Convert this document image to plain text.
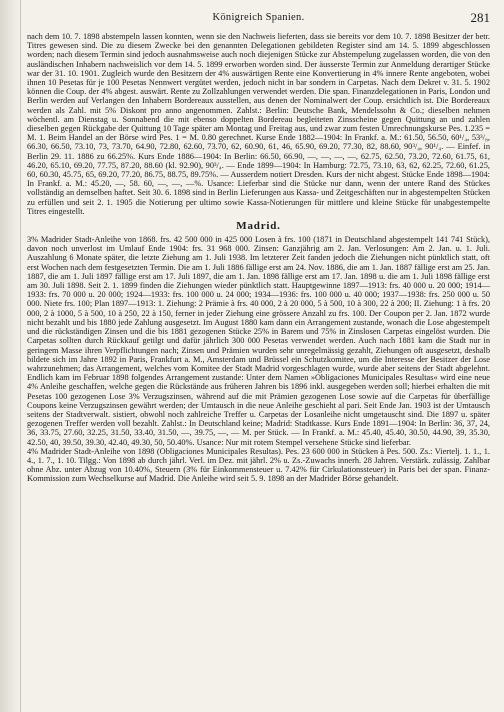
Königreich Spanien.	281

nach dem 10. 7. 1898 abstempeln lassen konnten, wenn sie den Nachweis lieferten, dass sie bereits vor dem 10. 7. 1898 Besitzer der betr. Titres gewesen sind. Die zu diesem Zwecke bei den genannten Delegationen gebildeten Register sind am 14. 5. 1899 abgeschlossen worden; nach diesem Termin sind jedoch ausnahmsweise auch noch diejenigen Stücke zur Abstempelung zugelassen worden, die von den ausländischen Inhabern nachweislich vor dem 14. 5. 1899 erworben worden sind. Der äusserste Termin zur Anmeldung derartiger Stücke war der 31. 10. 1901. Zugleich wurde den Besitzern der 4% auswärtigen Rente eine Konvertierung in 4% innere Rente angeboten, wobei ihnen 10 Pesetas für je 100 Pesetas Nennwert vergütet werden, jedoch nicht in bar sondern in Carpetas. Nach dem Dekret v. 31. 5. 1902 können die Coup. der 4% abgest. auswärt. Rente zu Zollzahlungen verwendet werden. Die span. Finanzdelegationen in Paris, London und Berlin werden auf Verlangen den Inhabern Bordereaux ausstellen, aus denen der Nominalwert der Coup. ersichtlich ist. Die Bordereaux werden als Zahl. mit 5% Diskont pro anno angenommen. Zahlst.: Berlin: Deutsche Bank, Mendelssohn & Co.; dieselben nehmen wöchentl. am Dienstag u. Sonnabend die mit ebenso doppelten Bordereau begleiteten Zinsscheine gegen Quittung an und zahlen dieselben gegen Rückgabe der Quittung 10 Tage später am Montag und Freitag aus, und zwar zum festen Umrechnungskurse Pes. 1.235 = M. 1. Beim Handel an der Börse wird Pes. 1 = M. 0.80 gerechnet. Kurse Ende 1882—1904: In Frankf. a. M.: 61.50, 56.50, 60¹/₄, 53³/₈, 66.30, 66.50, 73.10, 73, 73.70, 64.90, 72.80, 62.60, 73.70, 62, 60.90, 61, 46, 65.90, 69.20, 77.30, 82, 88.60, 90³/₄, 90¹/₄. — Einfef. in Berlin 29. 11. 1886 zu 66.25%. Kurs Ende 1886—1904: In Berlin: 66.50, 66.90, —, —, —, —, 62.75, 62.50, 73.20, 72.60, 61.75, 61, 46.20, 65.10, 69.20, 77.75, 87.20, 88.60 (kl. 92.90), 90³/₄. — Ende 1899—1904: In Hamburg: 72.75, 73.10, 63, 62, 62.25, 72.60, 61.25, 60, 60.30, 45.75, 65, 69.20, 77.20, 86.75, 88.75, 89.75%. — Ausserdem notiert Dresden. Kurs der nicht abgest. Stücke Ende 1898—1904: In Frankf. a. M.: 45.20, —, 58. 60, —, —, —%. Usance: Lieferbar sind die Stücke nur dann, wenn der untere Rand des Stückes vollständig an demselben haftet. Seit 30. 6. 1898 sind in Berlin Lieferungen aus Kassa- und Zeitgeschäften nur in abgestempelten Stücken zu erfüllen und seit 2. 1. 1905 die Notierung per ultimo sowie Kassa-Notierungen für mittlere und kleine Stücke für unabgestempelte Titres eingestellt.

Madrid.

3% Madrider Stadt-Anleihe von 1868. frs. 42 500 000 in 425 000 Losen à frs. 100 (1871 in Deutschland abgestempelt 141 741 Stück), davon noch unverlost im Umlauf Ende 1904: frs. 31 968 000. Zinsen: Ganzjährig am 2. Jan. Verlosungen: Am 2. Jan. u. 1. Juli. Auszahlung 6 Monate später, die letzte Ziehung am 1. Juli 1938. Im letzterer Zeit fanden jedoch die Ziehungen nicht pünktlich statt, oft erst Wochen nach dem festgesetzten Termin. Die am 1. Juli 1886 fällige erst am 24. Nov. 1886, die am 1. Jan. 1887 fällige erst am 25. Jan. 1887, die am 1. Juli 1897 fällige erst am 17. Juli 1897, die am 1. Jan. 1898 fällige erst am 17. Jan. 1898 u. die am 1. Juli 1898 fällige erst am 30. Juli 1898. Seit 2. 1. 1899 finden die Ziehungen wieder pünktlich statt. Hauptgewinne 1897—1913: frs. 40 000 u. 20 000; 1914—1933: frs. 70 000 u. 20 000; 1924—1933: frs. 100 000 u. 24 000; 1934—1936: frs. 100 000 u. 40 000; 1937—1938: frs. 250 000 u. 50 000. Niete frs. 100; Plan 1897—1913: 1. Ziehung: 2 Prämie à frs. 40 000, 2 à 20 000, 5 à 500, 10 à 300, 22 à 200; II. Ziehung: 1 à frs. 20 000, 2 à 1000, 5 à 500, 10 à 250, 22 à 150, ferner in jeder Ziehung eine grössere Anzahl zu frs. 100. Der Coupon per 2. Jan. 1872 wurde nicht bezahlt und bis 1880 jede Zahlung ausgesetzt. Im August 1880 kam dann ein Arrangement zustande, wonach die Lose abgestempelt und die rückständigen Zinsen und die bis 1881 gezogenen Stücke 25% in Barem und 75% in Zinslosen Carpetas eingelöst wurden. Die Carpetas sollten durch Rückkauf getilgt und dafür jährlich 300 000 Pesetas verwendet werden. Auch nach 1881 kam die Stadt nur in geringem Masse ihren Verpflichtungen nach; Zinsen und Prämien wurden sehr unregelmässig gezahlt, Ziehungen oft ausgesetzt, deshalb bildete sich im Jahre 1892 in Paris, Frankfurt a. M., Amsterdam und Brüssel ein Schutzkomitee, um die Interesse der Besitzer der Lose wahrzunehmen; das Arrangement, welches vom Komitee der Stadt Madrid vorgeschlagen wurde, wurde aber seitens der Stadt abgelehnt. Endlich kam im Februar 1898 folgendes Arrangement zustande: Unter dem Namen »Obligaciones Municipales Resultas« wird eine neue 4% Anleihe geschaffen, welche gegen die Rückstände aus früheren Jahren bis 1896 inkl. ausgegeben werden soll; hierbei erhalten die mit Pesetas 100 gezogenen Lose 3% Verzugszinsen, während auf die mit Prämien gezogenen Lose sowie auf die Carpetas für überfällige Coupons keine Verzugszinsen gewährt werden; der Umtausch in die neue Anleihe geschieht al pari. Seit Ende Jan. 1903 ist der Umtausch seitens der Stadtverwalt. sistiert, obwohl noch zahlreiche Treffer u. Carpetas der Losanleihe nicht umgetauscht sind. Die 1897 u. später gezogenen Treffer werden voll bezahlt. Zahlst.: In Deutschland keine; Madrid: Stadtkasse. Kurs Ende 1891—1904: In Berlin: 36, 37, 24, 36, 33.75, 27.60, 32.25, 31.50, 33.40, 31.50, —, 39.75, —, — M. per Stück. — In Frankf. a. M.: 45.40, 45.40, 30.50, 44.90, 39, 35.30, 42.50, 40, 39.50, 39.30, 42.40, 49.30, 50, 50.40%. Usance: Nur mit rotem Stempel versehene Stücke sind lieferbar.

4% Madrider Stadt-Anleihe von 1898 (Obligaciones Municipales Resultas). Pes. 23 600 000 in Stücken à Pes. 500. Zs.: Viertelj. 1. 1., 1. 4., 1. 7., 1. 10. Tilgg.: Von 1898 ab durch jährl. Verl. im Dez. mit jährl. 2% u. Zs.-Zuwachs innerh. 28 Jahren. Verstärk. zulässig. Zahlbar ohne Abz. unter Abzug von 10.40%, Steuern (3% für Einkommensteuer u. 7.42% für Cirkulationssteuer) in Paris bei der span. Finanz-Kommission zum Wechselkurse auf Madrid. Die Anleihe wird seit 5. 9. 1898 an der Madrider Börse gehandelt.
